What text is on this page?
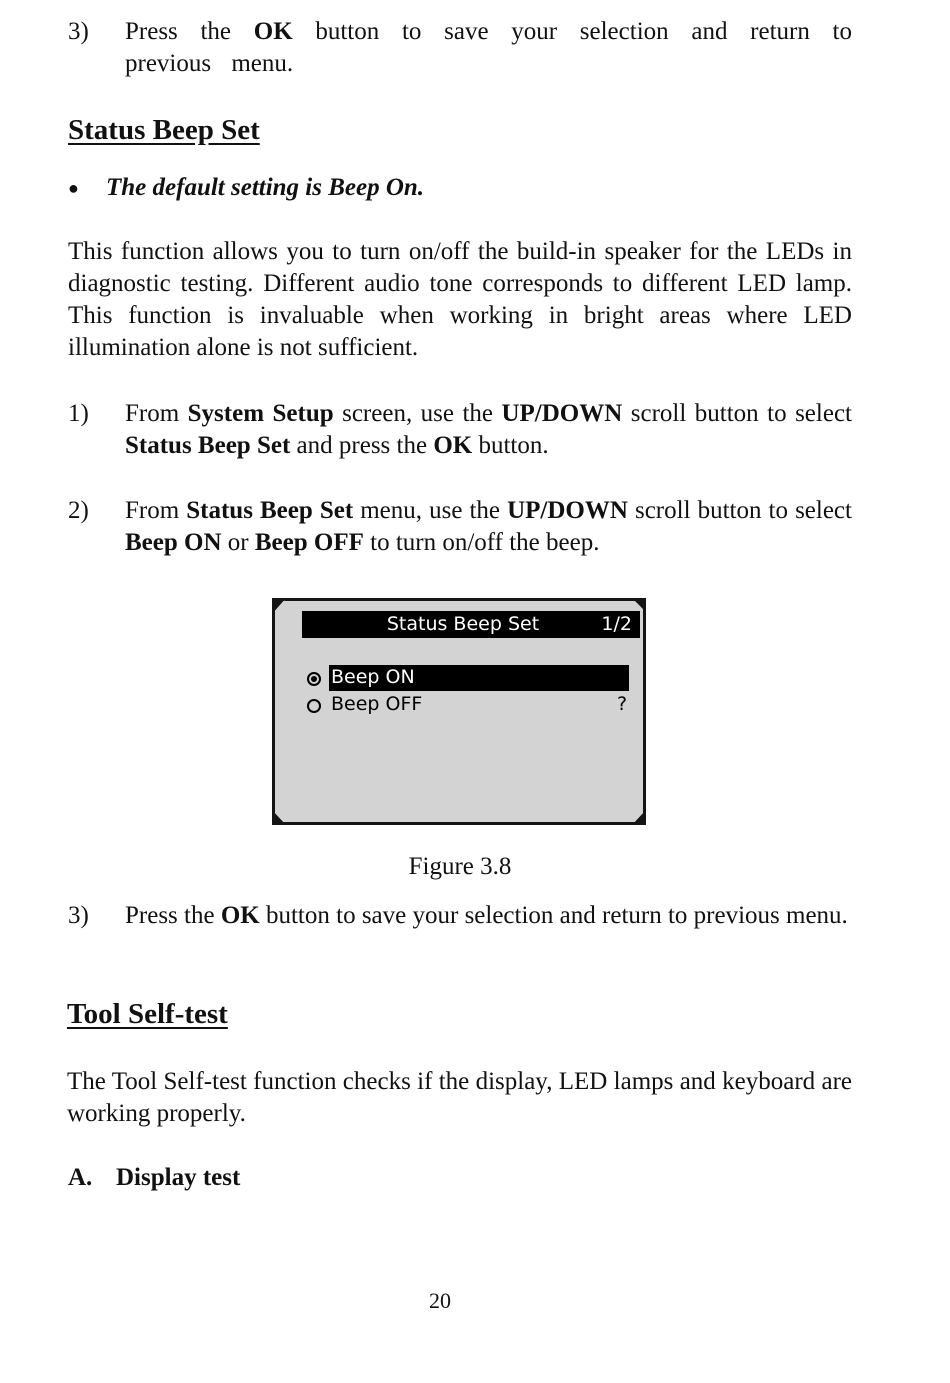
3) Press the OK button to save your selection and return to previous menu.
Status Beep Set
● The default setting is Beep On.
This function allows you to turn on/off the build-in speaker for the LEDs in diagnostic testing. Different audio tone corresponds to different LED lamp. This function is invaluable when working in bright areas where LED illumination alone is not sufficient.
1) From System Setup screen, use the UP/DOWN scroll button to select Status Beep Set and press the OK button.
2) From Status Beep Set menu, use the UP/DOWN scroll button to select Beep ON or Beep OFF to turn on/off the beep.
Status Beep Set	1/2
Beep ON
Beep OFF	?
Figure 3.8
3) Press the OK button to save your selection and return to previous menu.
Tool Self-test
The Tool Self-test function checks if the display, LED lamps and keyboard are working properly.
A. Display test
20
